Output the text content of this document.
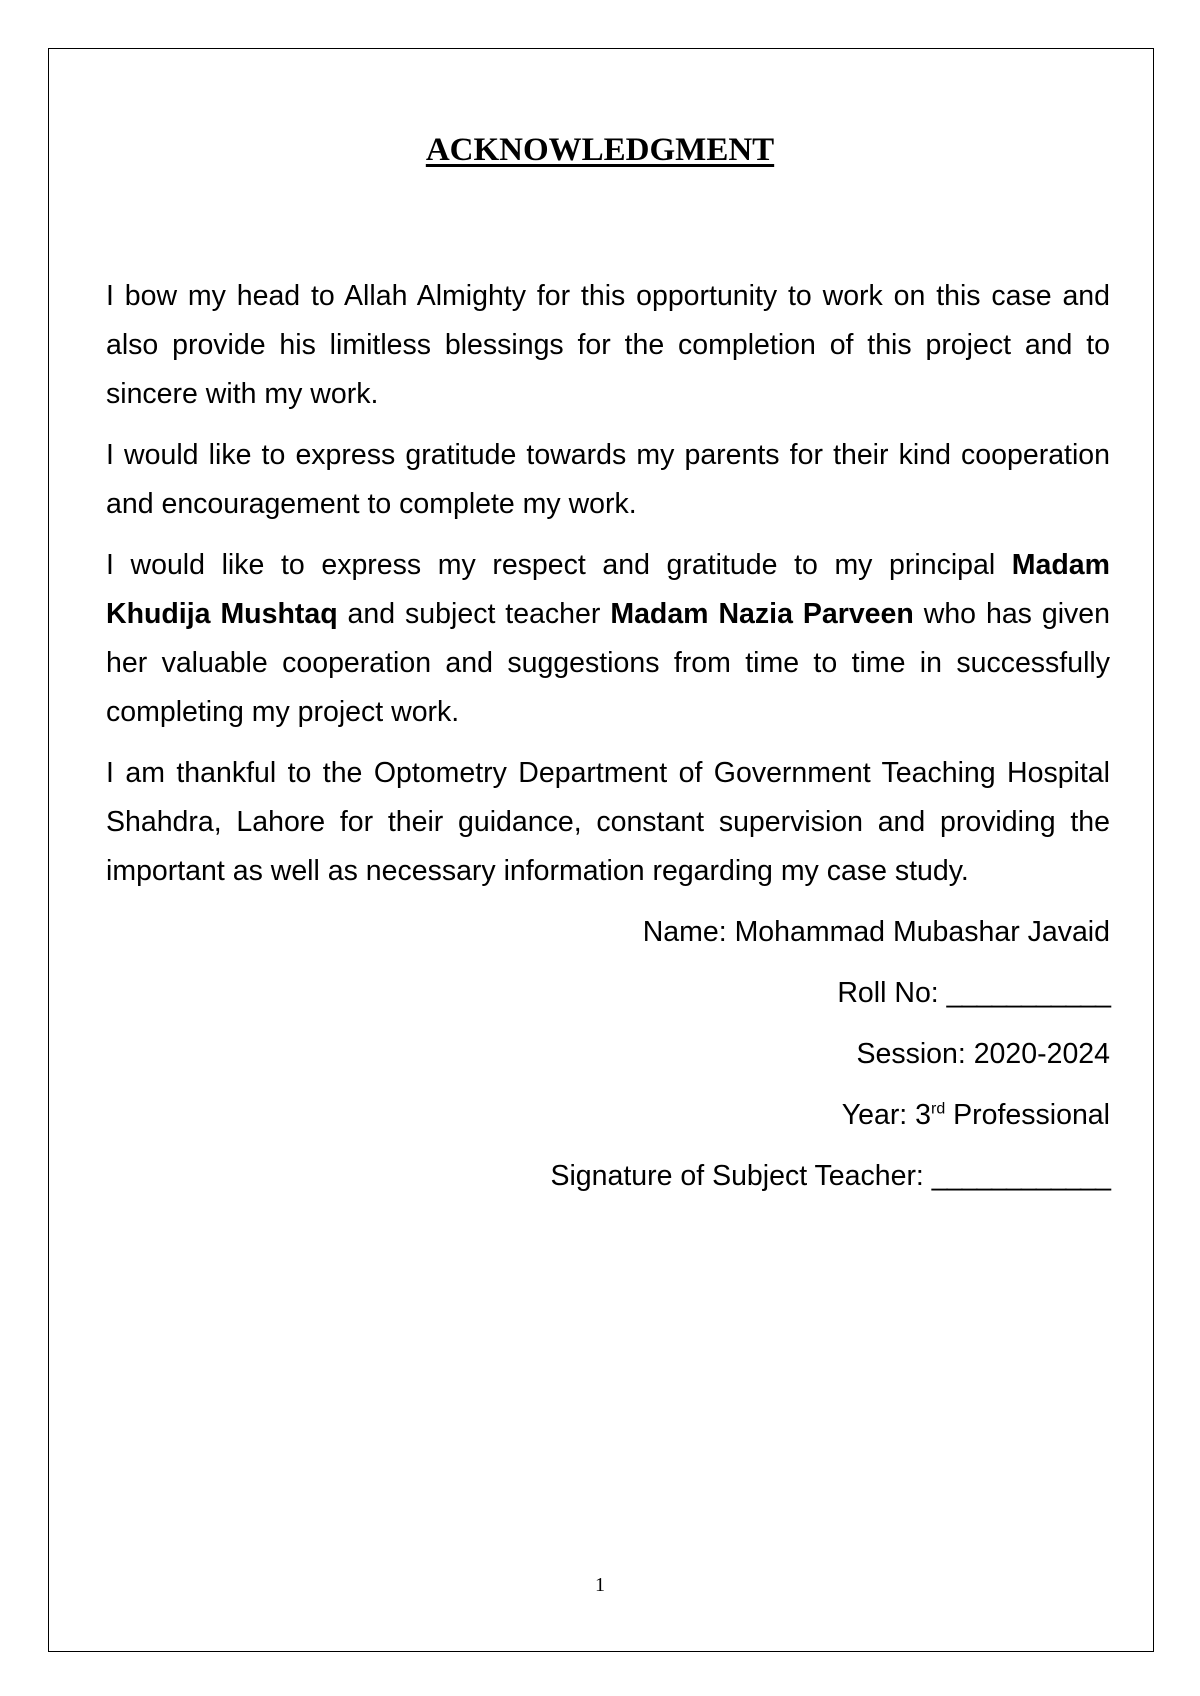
ACKNOWLEDGMENT

I bow my head to Allah Almighty for this opportunity to work on this case and also provide his limitless blessings for the completion of this project and to sincere with my work.

I would like to express gratitude towards my parents for their kind cooperation and encouragement to complete my work.

I would like to express my respect and gratitude to my principal Madam Khudija Mushtaq and subject teacher Madam Nazia Parveen who has given her valuable cooperation and suggestions from time to time in successfully completing my project work.

I am thankful to the Optometry Department of Government Teaching Hospital Shahdra, Lahore for their guidance, constant supervision and providing the important as well as necessary information regarding my case study.

Name: Mohammad Mubashar Javaid
Roll No: ___________
Session: 2020-2024
Year: 3rd Professional
Signature of Subject Teacher: ____________
1
